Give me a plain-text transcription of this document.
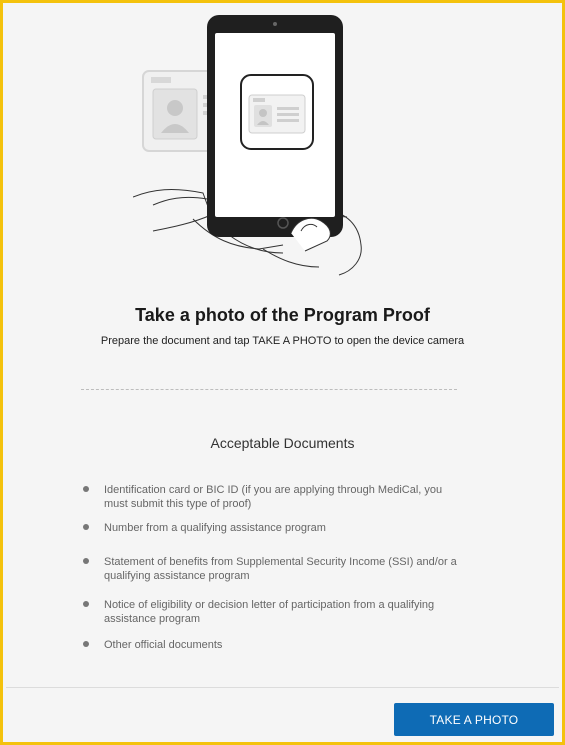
Take a photo of the Program Proof
Prepare the document and tap TAKE A PHOTO to open the device camera
Acceptable Documents
Identification card or BIC ID (if you are applying through MediCal, you must submit this type of proof)
Number from a qualifying assistance program
Statement of benefits from Supplemental Security Income (SSI) and/or a qualifying assistance program
Notice of eligibility or decision letter of participation from a qualifying assistance program
Other official documents
TAKE A PHOTO
